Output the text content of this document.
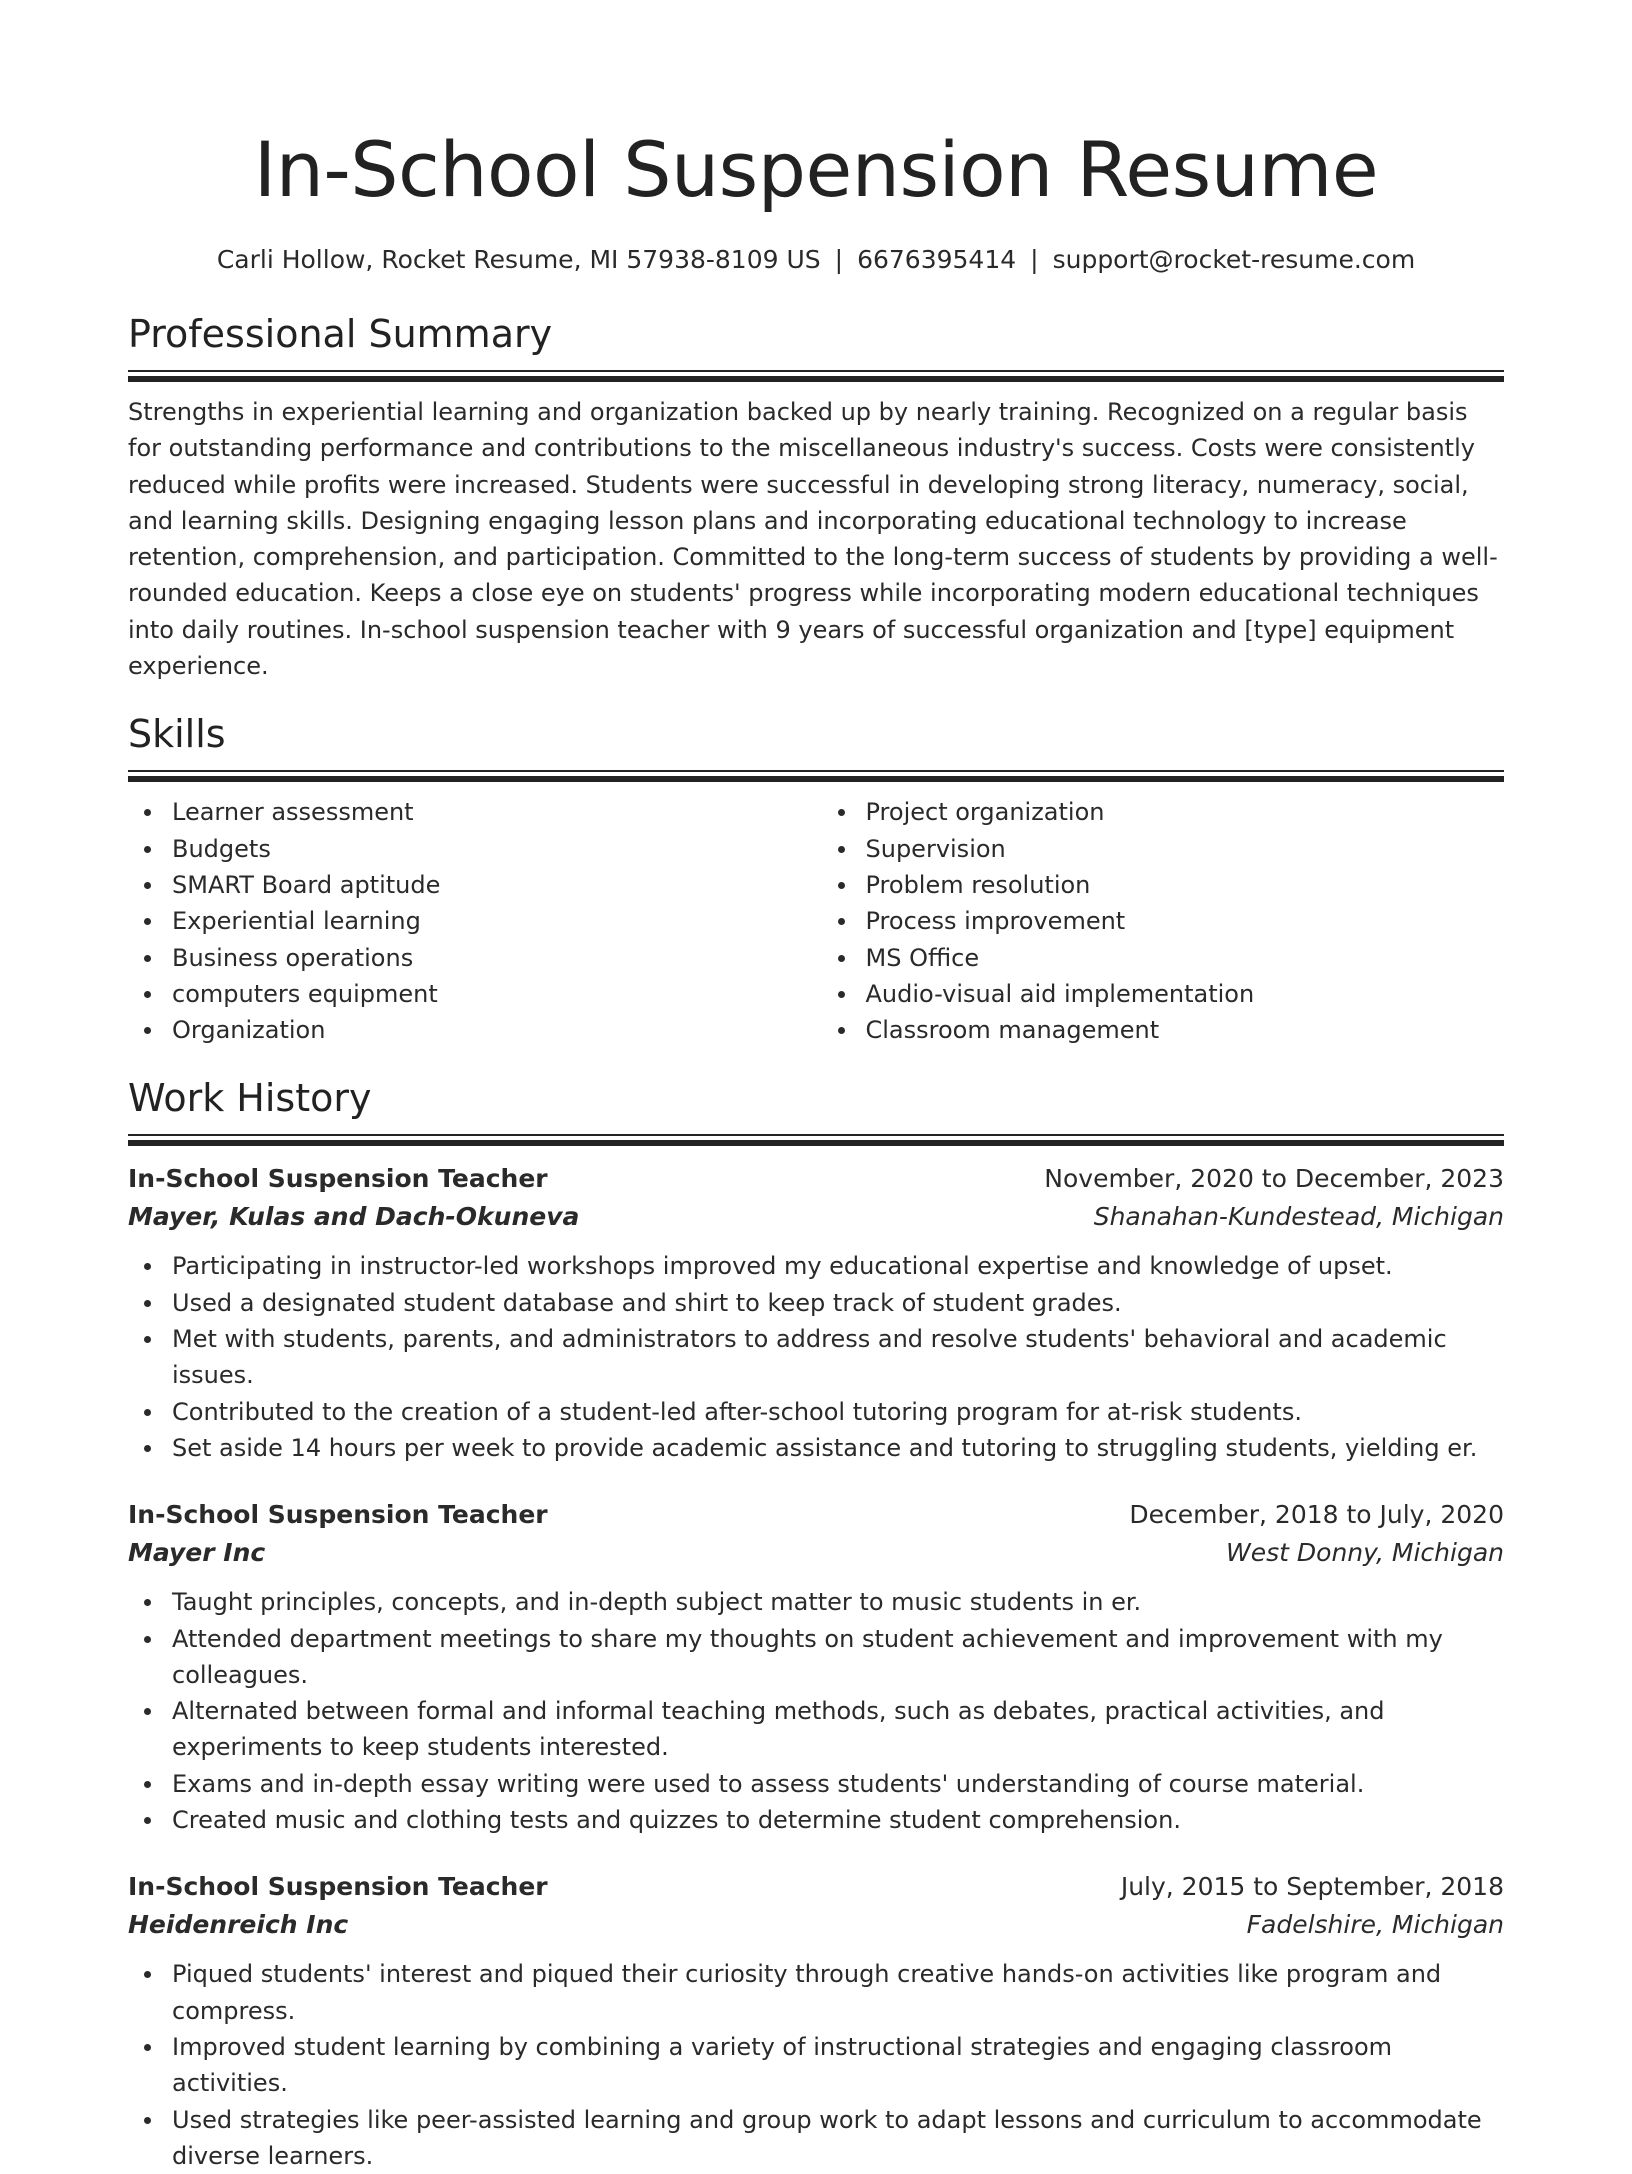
In-School Suspension Resume
Carli Hollow, Rocket Resume, MI 57938-8109 US | 6676395414 | support@rocket-resume.com
Professional Summary
Strengths in experiential learning and organization backed up by nearly training. Recognized on a regular basis for outstanding performance and contributions to the miscellaneous industry's success. Costs were consistently reduced while profits were increased. Students were successful in developing strong literacy, numeracy, social, and learning skills. Designing engaging lesson plans and incorporating educational technology to increase retention, comprehension, and participation. Committed to the long-term success of students by providing a well-rounded education. Keeps a close eye on students' progress while incorporating modern educational techniques into daily routines. In-school suspension teacher with 9 years of successful organization and [type] equipment experience.
Skills
Learner assessment
Budgets
SMART Board aptitude
Experiential learning
Business operations
computers equipment
Organization
Project organization
Supervision
Problem resolution
Process improvement
MS Office
Audio-visual aid implementation
Classroom management
Work History
In-School Suspension Teacher	November, 2020 to December, 2023
Mayer, Kulas and Dach-Okuneva	Shanahan-Kundestead, Michigan
Participating in instructor-led workshops improved my educational expertise and knowledge of upset.
Used a designated student database and shirt to keep track of student grades.
Met with students, parents, and administrators to address and resolve students' behavioral and academic issues.
Contributed to the creation of a student-led after-school tutoring program for at-risk students.
Set aside 14 hours per week to provide academic assistance and tutoring to struggling students, yielding er.
In-School Suspension Teacher	December, 2018 to July, 2020
Mayer Inc	West Donny, Michigan
Taught principles, concepts, and in-depth subject matter to music students in er.
Attended department meetings to share my thoughts on student achievement and improvement with my colleagues.
Alternated between formal and informal teaching methods, such as debates, practical activities, and experiments to keep students interested.
Exams and in-depth essay writing were used to assess students' understanding of course material.
Created music and clothing tests and quizzes to determine student comprehension.
In-School Suspension Teacher	July, 2015 to September, 2018
Heidenreich Inc	Fadelshire, Michigan
Piqued students' interest and piqued their curiosity through creative hands-on activities like program and compress.
Improved student learning by combining a variety of instructional strategies and engaging classroom activities.
Used strategies like peer-assisted learning and group work to adapt lessons and curriculum to accommodate diverse learners.
